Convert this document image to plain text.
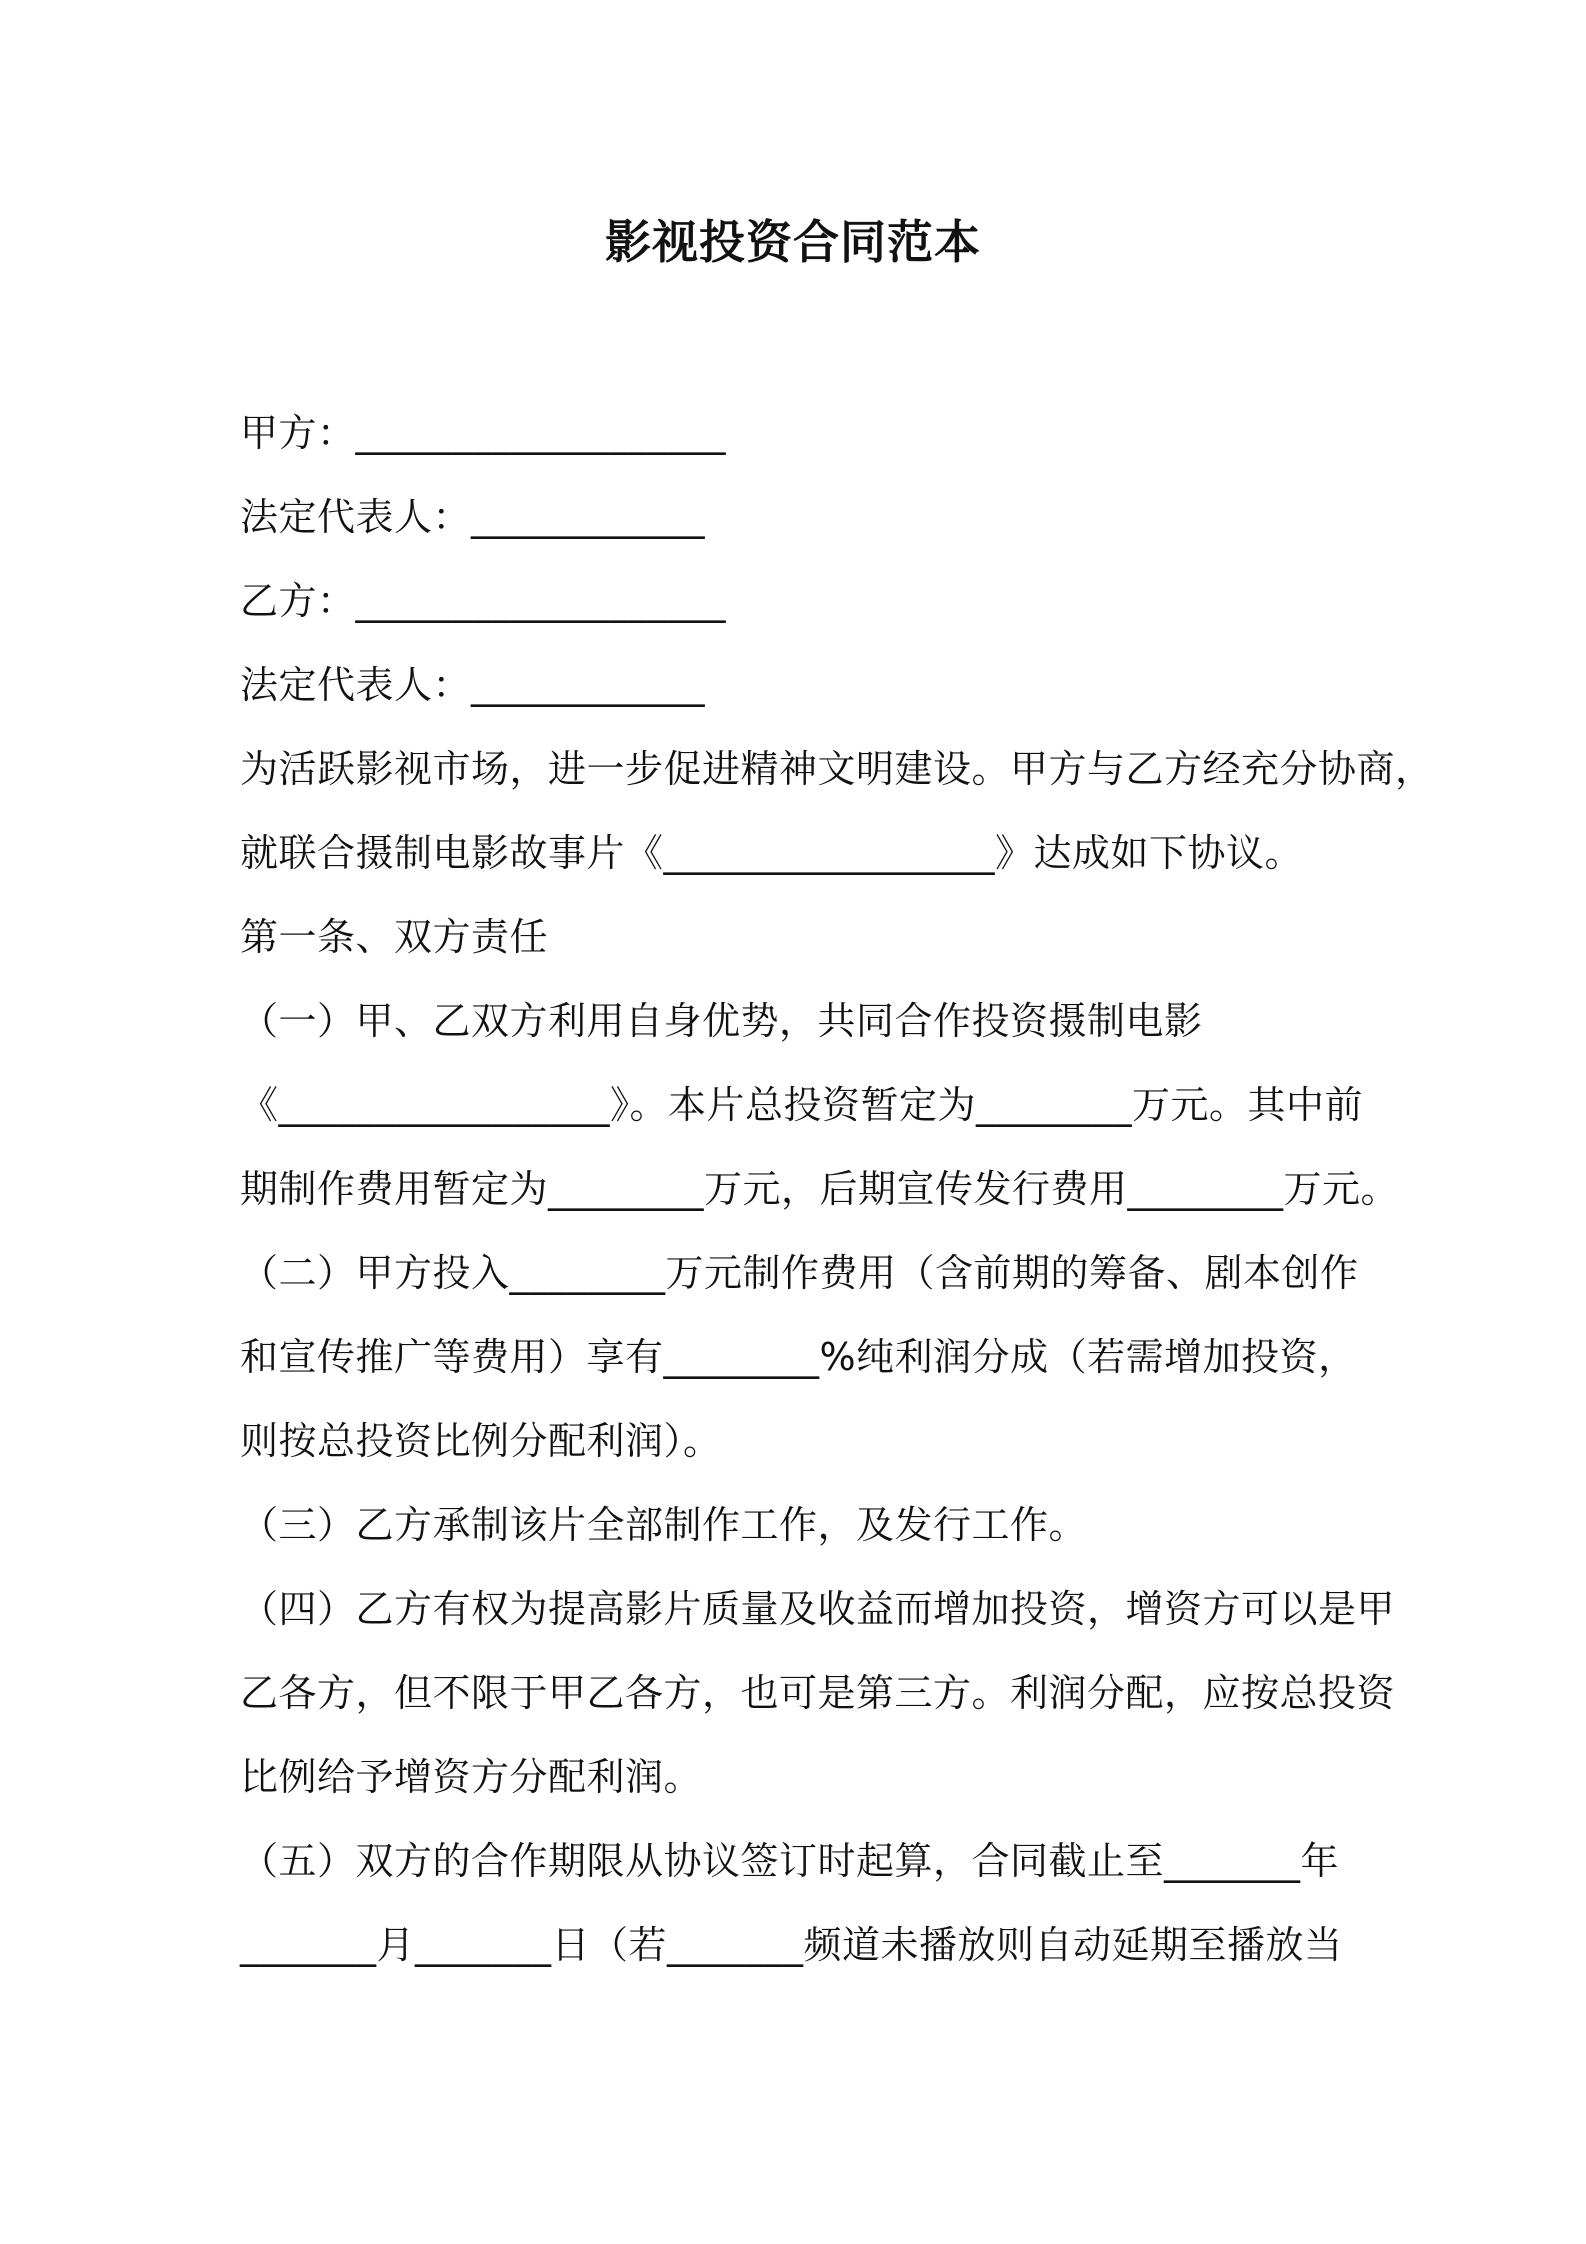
影视投资合同范本
甲方：___________________
法定代表人：____________
乙方：___________________
法定代表人：____________
为活跃影视市场，进一步促进精神文明建设。甲方与乙方经充分协商，
就联合摄制电影故事片《_________________》达成如下协议。
第一条、双方责任
（一）甲、乙双方利用自身优势，共同合作投资摄制电影
《_________________》。本片总投资暂定为________万元。其中前
期制作费用暂定为________万元，后期宣传发行费用________万元。
（二）甲方投入________万元制作费用（含前期的筹备、剧本创作
和宣传推广等费用）享有________%纯利润分成（若需增加投资，
则按总投资比例分配利润）。
（三）乙方承制该片全部制作工作，及发行工作。
（四）乙方有权为提高影片质量及收益而增加投资，增资方可以是甲
乙各方，但不限于甲乙各方，也可是第三方。利润分配，应按总投资
比例给予增资方分配利润。
（五）双方的合作期限从协议签订时起算，合同截止至_______年
_______月_______日（若_______频道未播放则自动延期至播放当
